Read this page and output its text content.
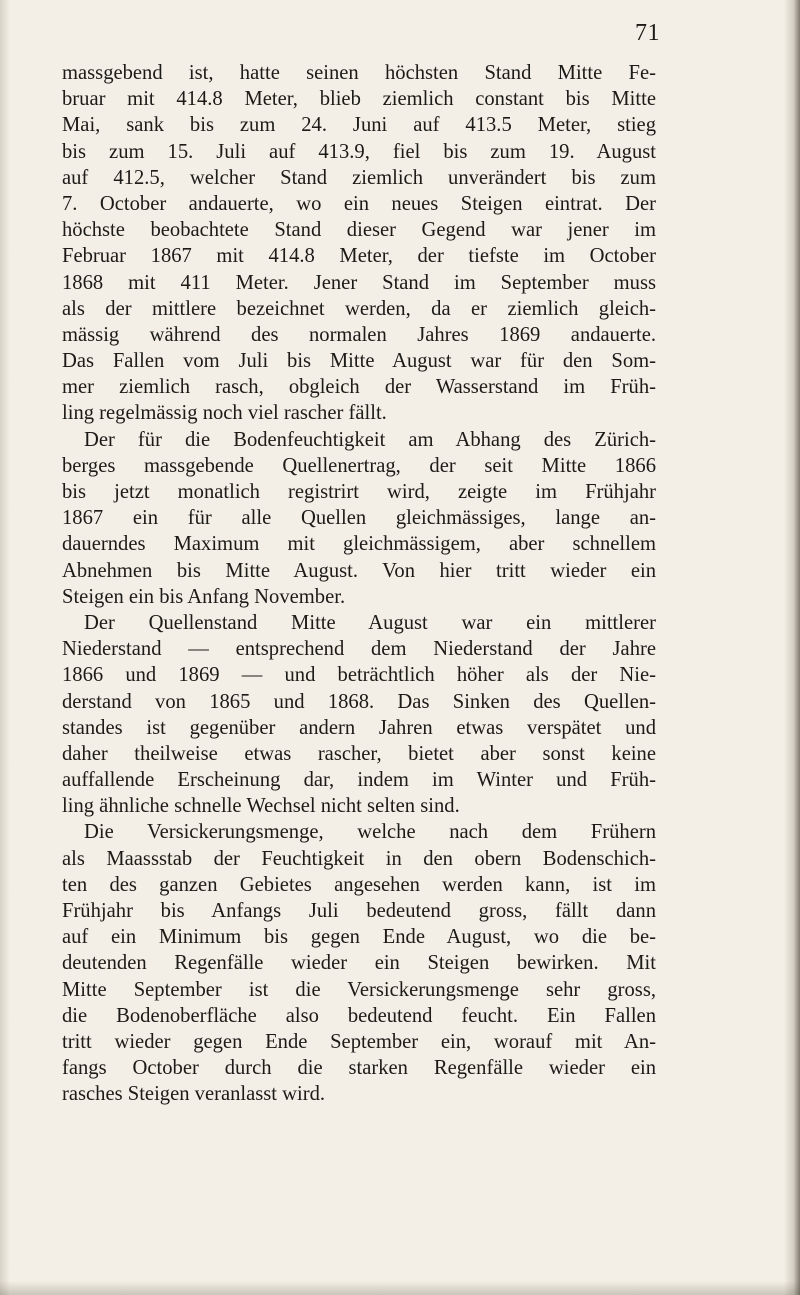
71
massgebend ist, hatte seinen höchsten Stand Mitte Fe-
bruar mit 414.8 Meter, blieb ziemlich constant bis Mitte
Mai, sank bis zum 24. Juni auf 413.5 Meter, stieg
bis zum 15. Juli auf 413.9, fiel bis zum 19. August
auf 412.5, welcher Stand ziemlich unverändert bis zum
7. October andauerte, wo ein neues Steigen eintrat. Der
höchste beobachtete Stand dieser Gegend war jener im
Februar 1867 mit 414.8 Meter, der tiefste im October
1868 mit 411 Meter. Jener Stand im September muss
als der mittlere bezeichnet werden, da er ziemlich gleich-
mässig während des normalen Jahres 1869 andauerte.
Das Fallen vom Juli bis Mitte August war für den Som-
mer ziemlich rasch, obgleich der Wasserstand im Früh-
ling regelmässig noch viel rascher fällt.
Der für die Bodenfeuchtigkeit am Abhang des Zürich-
berges massgebende Quellenertrag, der seit Mitte 1866
bis jetzt monatlich registrirt wird, zeigte im Frühjahr
1867 ein für alle Quellen gleichmässiges, lange an-
dauerndes Maximum mit gleichmässigem, aber schnellem
Abnehmen bis Mitte August. Von hier tritt wieder ein
Steigen ein bis Anfang November.
Der Quellenstand Mitte August war ein mittlerer
Niederstand — entsprechend dem Niederstand der Jahre
1866 und 1869 — und beträchtlich höher als der Nie-
derstand von 1865 und 1868. Das Sinken des Quellen-
standes ist gegenüber andern Jahren etwas verspätet und
daher theilweise etwas rascher, bietet aber sonst keine
auffallende Erscheinung dar, indem im Winter und Früh-
ling ähnliche schnelle Wechsel nicht selten sind.
Die Versickerungsmenge, welche nach dem Frühern
als Maassstab der Feuchtigkeit in den obern Bodenschich-
ten des ganzen Gebietes angesehen werden kann, ist im
Frühjahr bis Anfangs Juli bedeutend gross, fällt dann
auf ein Minimum bis gegen Ende August, wo die be-
deutenden Regenfälle wieder ein Steigen bewirken. Mit
Mitte September ist die Versickerungsmenge sehr gross,
die Bodenoberfläche also bedeutend feucht. Ein Fallen
tritt wieder gegen Ende September ein, worauf mit An-
fangs October durch die starken Regenfälle wieder ein
rasches Steigen veranlasst wird.
